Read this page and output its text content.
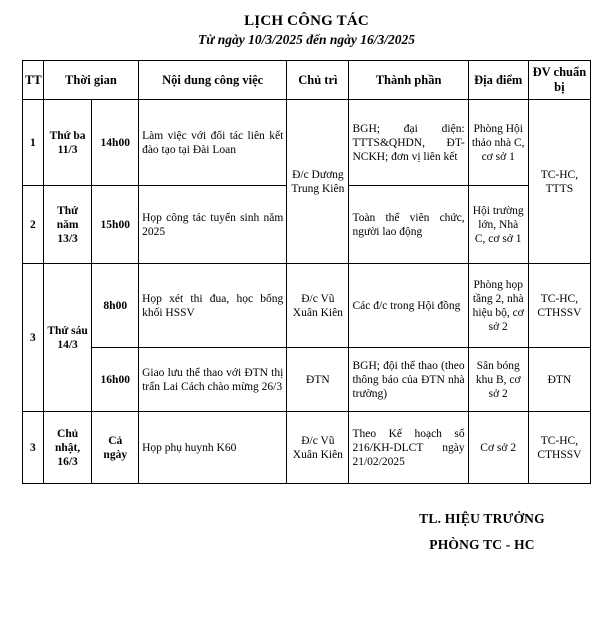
LỊCH CÔNG TÁC
Từ ngày 10/3/2025 đến ngày 16/3/2025
TT	Thời gian		Nội dung công việc	Chủ trì	Thành phần	Địa điểm	ĐV chuẩn bị
1	Thứ ba 11/3	14h00	Làm việc với đối tác liên kết đào tạo tại Đài Loan	Đ/c Dương Trung Kiên	BGH; đại diện: TTTS&QHDN, ĐT-NCKH; đơn vị liên kết	Phòng Hội thảo nhà C, cơ sở 1	TC-HC, TTTS
2	Thứ năm 13/3	15h00	Họp công tác tuyển sinh năm 2025		Toàn thể viên chức, người lao động	Hội trường lớn, Nhà C, cơ sở 1	
3	Thứ sáu 14/3	8h00	Họp xét thi đua, học bổng khối HSSV	Đ/c Vũ Xuân Kiên	Các đ/c trong Hội đồng	Phòng họp tầng 2, nhà hiệu bộ, cơ sở 2	TC-HC, CTHSSV
		16h00	Giao lưu thể thao với ĐTN thị trấn Lai Cách chào mừng 26/3	ĐTN	BGH; đội thể thao (theo thông báo của ĐTN nhà trường)	Sân bóng khu B, cơ sở 2	ĐTN
3	Chủ nhật, 16/3	Cả ngày	Họp phụ huynh K60	Đ/c Vũ Xuân Kiên	Theo Kế hoạch số 216/KH-DLCT ngày 21/02/2025	Cơ sở 2	TC-HC, CTHSSV
TL. HIỆU TRƯỞNG
PHÒNG TC - HC
